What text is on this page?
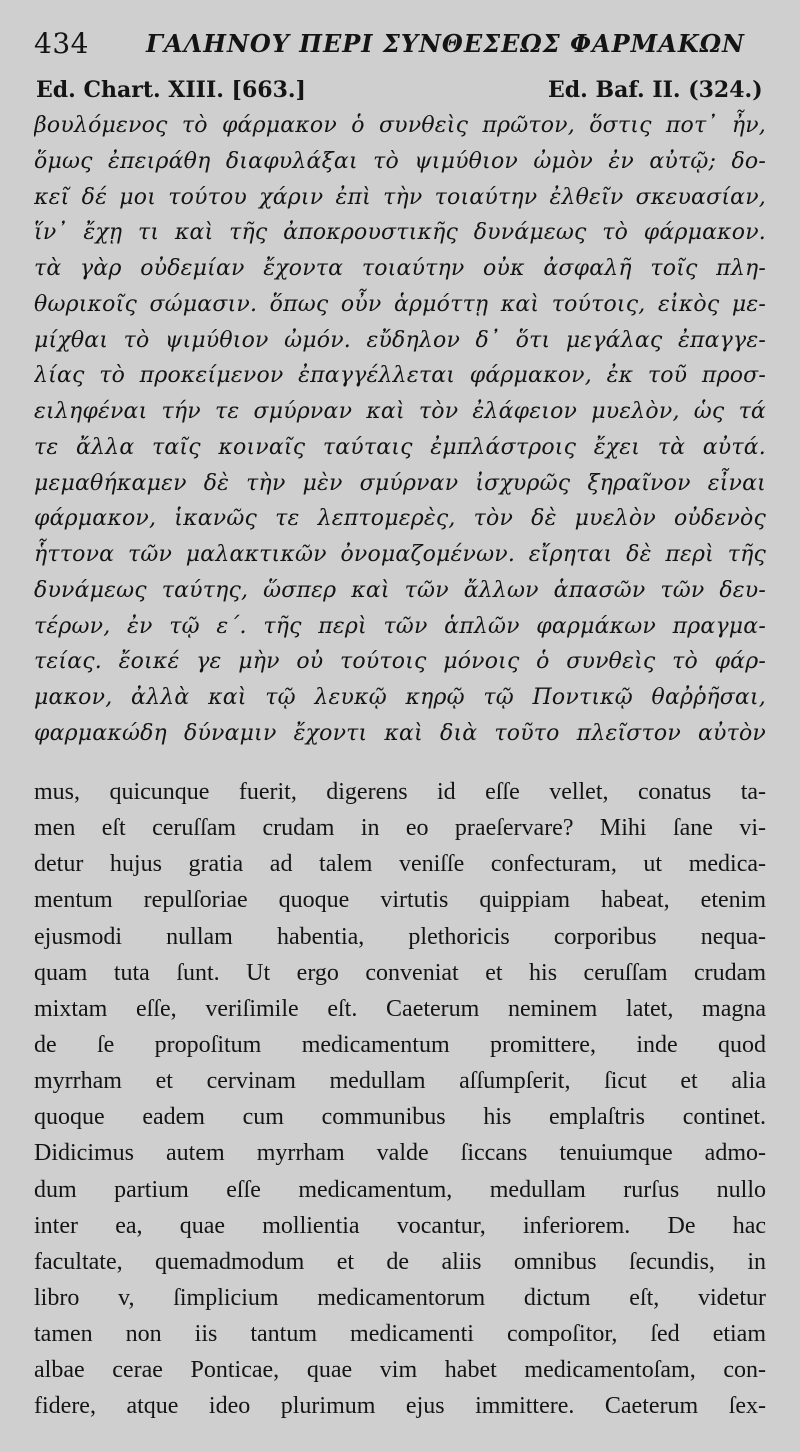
434 ΓΑΛΗΝΟΥ ΠΕΡΙ ΣΥΝΘΕΣΕΩΣ ΦΑΡΜΑΚΩΝ
Ed. Chart. XIII. [663.]	Ed. Baf. II. (324.)
βουλόμενος τὸ φάρμακον ὁ συνθεὶς πρῶτον, ὅστις ποτ᾽ ἦν,
ὅμως ἐπειράθη διαφυλάξαι τὸ ψιμύθιον ὠμὸν ἐν αὐτῷ; δο-
κεῖ δέ μοι τούτου χάριν ἐπὶ τὴν τοιαύτην ἐλθεῖν σκευασίαν,
ἵν᾽ ἔχῃ τι καὶ τῆς ἀποκρουστικῆς δυνάμεως τὸ φάρμακον.
τὰ γὰρ οὐδεμίαν ἔχοντα τοιαύτην οὐκ ἀσφαλῆ τοῖς πλη-
θωρικοῖς σώμασιν. ὅπως οὖν ἁρμόττῃ καὶ τούτοις, εἰκὸς με-
μίχθαι τὸ ψιμύθιον ὠμόν. εὔδηλον δ᾽ ὅτι μεγάλας ἐπαγγε-
λίας τὸ προκείμενον ἐπαγγέλλεται φάρμακον, ἐκ τοῦ προσ-
ειληφέναι τήν τε σμύρναν καὶ τὸν ἐλάφειον μυελὸν, ὡς τά
τε ἄλλα ταῖς κοιναῖς ταύταις ἐμπλάστροις ἔχει τὰ αὐτά.
μεμαθήκαμεν δὲ τὴν μὲν σμύρναν ἰσχυρῶς ξηραῖνον εἶναι
φάρμακον, ἱκανῶς τε λεπτομερὲς, τὸν δὲ μυελὸν οὐδενὸς
ἧττονα τῶν μαλακτικῶν ὀνομαζομένων. εἴρηται δὲ περὶ τῆς
δυνάμεως ταύτης, ὥσπερ καὶ τῶν ἄλλων ἁπασῶν τῶν δευ-
τέρων, ἐν τῷ ε΄. τῆς περὶ τῶν ἁπλῶν φαρμάκων πραγμα-
τείας. ἔοικέ γε μὴν οὐ τούτοις μόνοις ὁ συνθεὶς τὸ φάρ-
μακον, ἀλλὰ καὶ τῷ λευκῷ κηρῷ τῷ Ποντικῷ θαῤῥῆσαι,
φαρμακώδη δύναμιν ἔχοντι καὶ διὰ τοῦτο πλεῖστον αὐτὸν
mus, quicunque fuerit, digerens id eſſe vellet, conatus ta-
men eſt ceruſſam crudam in eo praeſervare? Mihi ſane vi-
detur hujus gratia ad talem veniſſe confecturam, ut medica-
mentum repulſoriae quoque virtutis quippiam habeat, etenim
ejusmodi nullam habentia, plethoricis corporibus nequa-
quam tuta ſunt. Ut ergo conveniat et his ceruſſam crudam
mixtam eſſe, veriſimile eſt. Caeterum neminem latet, magna
de ſe propoſitum medicamentum promittere, inde quod
myrrham et cervinam medullam aſſumpſerit, ſicut et alia
quoque eadem cum communibus his emplaſtris continet.
Didicimus autem myrrham valde ſiccans tenuiumque admo-
dum partium eſſe medicamentum, medullam rurſus nullo
inter ea, quae mollientia vocantur, inferiorem. De hac
facultate, quemadmodum et de aliis omnibus ſecundis, in
libro v, ſimplicium medicamentorum dictum eſt, videtur
tamen non iis tantum medicamenti compoſitor, ſed etiam
albae cerae Ponticae, quae vim habet medicamentoſam, con-
fidere, atque ideo plurimum ejus immittere. Caeterum ſex-
